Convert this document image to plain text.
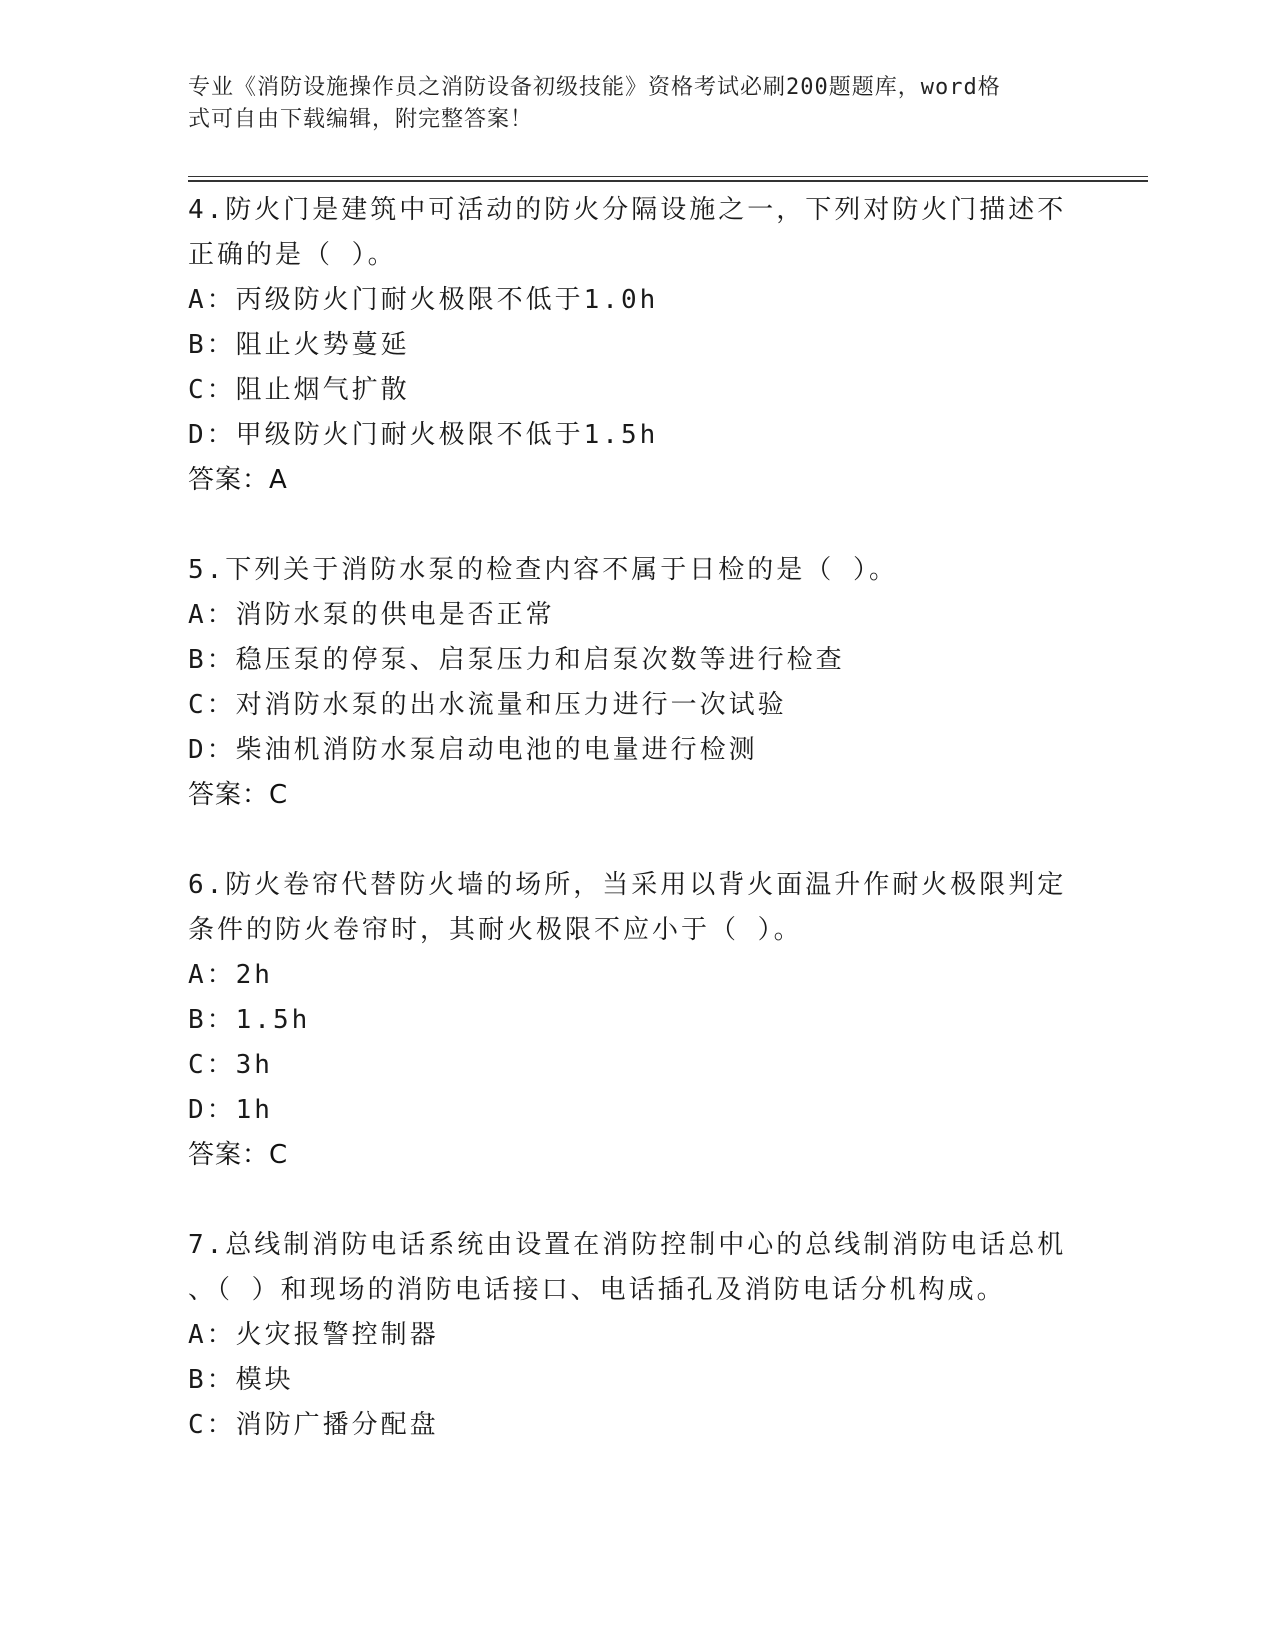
专业《消防设施操作员之消防设备初级技能》资格考试必刷200题题库，word格
式可自由下载编辑，附完整答案！
4.防火门是建筑中可活动的防火分隔设施之一，下列对防火门描述不
正确的是（ ）。
A：丙级防火门耐火极限不低于1.0h
B：阻止火势蔓延
C：阻止烟气扩散
D：甲级防火门耐火极限不低于1.5h
答案：A
5.下列关于消防水泵的检查内容不属于日检的是（ ）。
A：消防水泵的供电是否正常
B：稳压泵的停泵、启泵压力和启泵次数等进行检查
C：对消防水泵的出水流量和压力进行一次试验
D：柴油机消防水泵启动电池的电量进行检测
答案：C
6.防火卷帘代替防火墙的场所，当采用以背火面温升作耐火极限判定
条件的防火卷帘时，其耐火极限不应小于（ ）。
A：2h
B：1.5h
C：3h
D：1h
答案：C
7.总线制消防电话系统由设置在消防控制中心的总线制消防电话总机
、（ ）和现场的消防电话接口、电话插孔及消防电话分机构成。
A：火灾报警控制器
B：模块
C：消防广播分配盘
